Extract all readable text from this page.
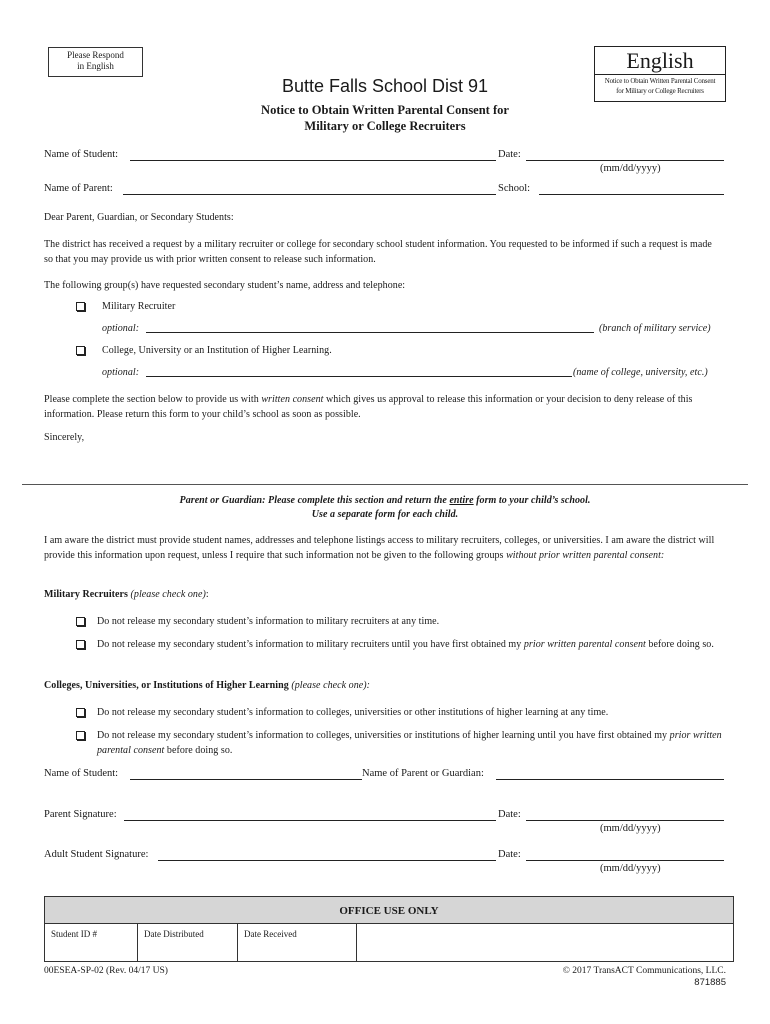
Please Respond
in English	English
Notice to Obtain Written Parental Consent
for Military or College Recruiters
Butte Falls School Dist 91
Notice to Obtain Written Parental Consent for
Military or College Recruiters
Name of Student:	Date:
(mm/dd/yyyy)
Name of Parent:	School:
Dear Parent, Guardian, or Secondary Students:
The district has received a request by a military recruiter or college for secondary school student information. You requested to be informed if such a request is made so that you may provide us with prior written consent to release such information.
The following group(s) have requested secondary student’s name, address and telephone:
Military Recruiter
optional:	(branch of military service)
College, University or an Institution of Higher Learning.
optional:	(name of college, university, etc.)
Please complete the section below to provide us with written consent which gives us approval to release this information or your decision to deny release of this information. Please return this form to your child’s school as soon as possible.
Sincerely,
Parent or Guardian: Please complete this section and return the entire form to your child’s school.
Use a separate form for each child.
I am aware the district must provide student names, addresses and telephone listings access to military recruiters, colleges, or universities. I am aware the district will provide this information upon request, unless I require that such information not be given to the following groups without prior written parental consent:
Military Recruiters (please check one):
Do not release my secondary student’s information to military recruiters at any time.
Do not release my secondary student’s information to military recruiters until you have first obtained my prior written parental consent before doing so.
Colleges, Universities, or Institutions of Higher Learning (please check one):
Do not release my secondary student’s information to colleges, universities or other institutions of higher learning at any time.
Do not release my secondary student’s information to colleges, universities or institutions of higher learning until you have first obtained my prior written parental consent before doing so.
Name of Student:	Name of Parent or Guardian:
Parent Signature:	Date:
(mm/dd/yyyy)
Adult Student Signature:	Date:
(mm/dd/yyyy)
OFFICE USE ONLY
Student ID #	Date Distributed	Date Received
00ESEA-SP-02 (Rev. 04/17 US)	© 2017 TransACT Communications, LLC.
871885
